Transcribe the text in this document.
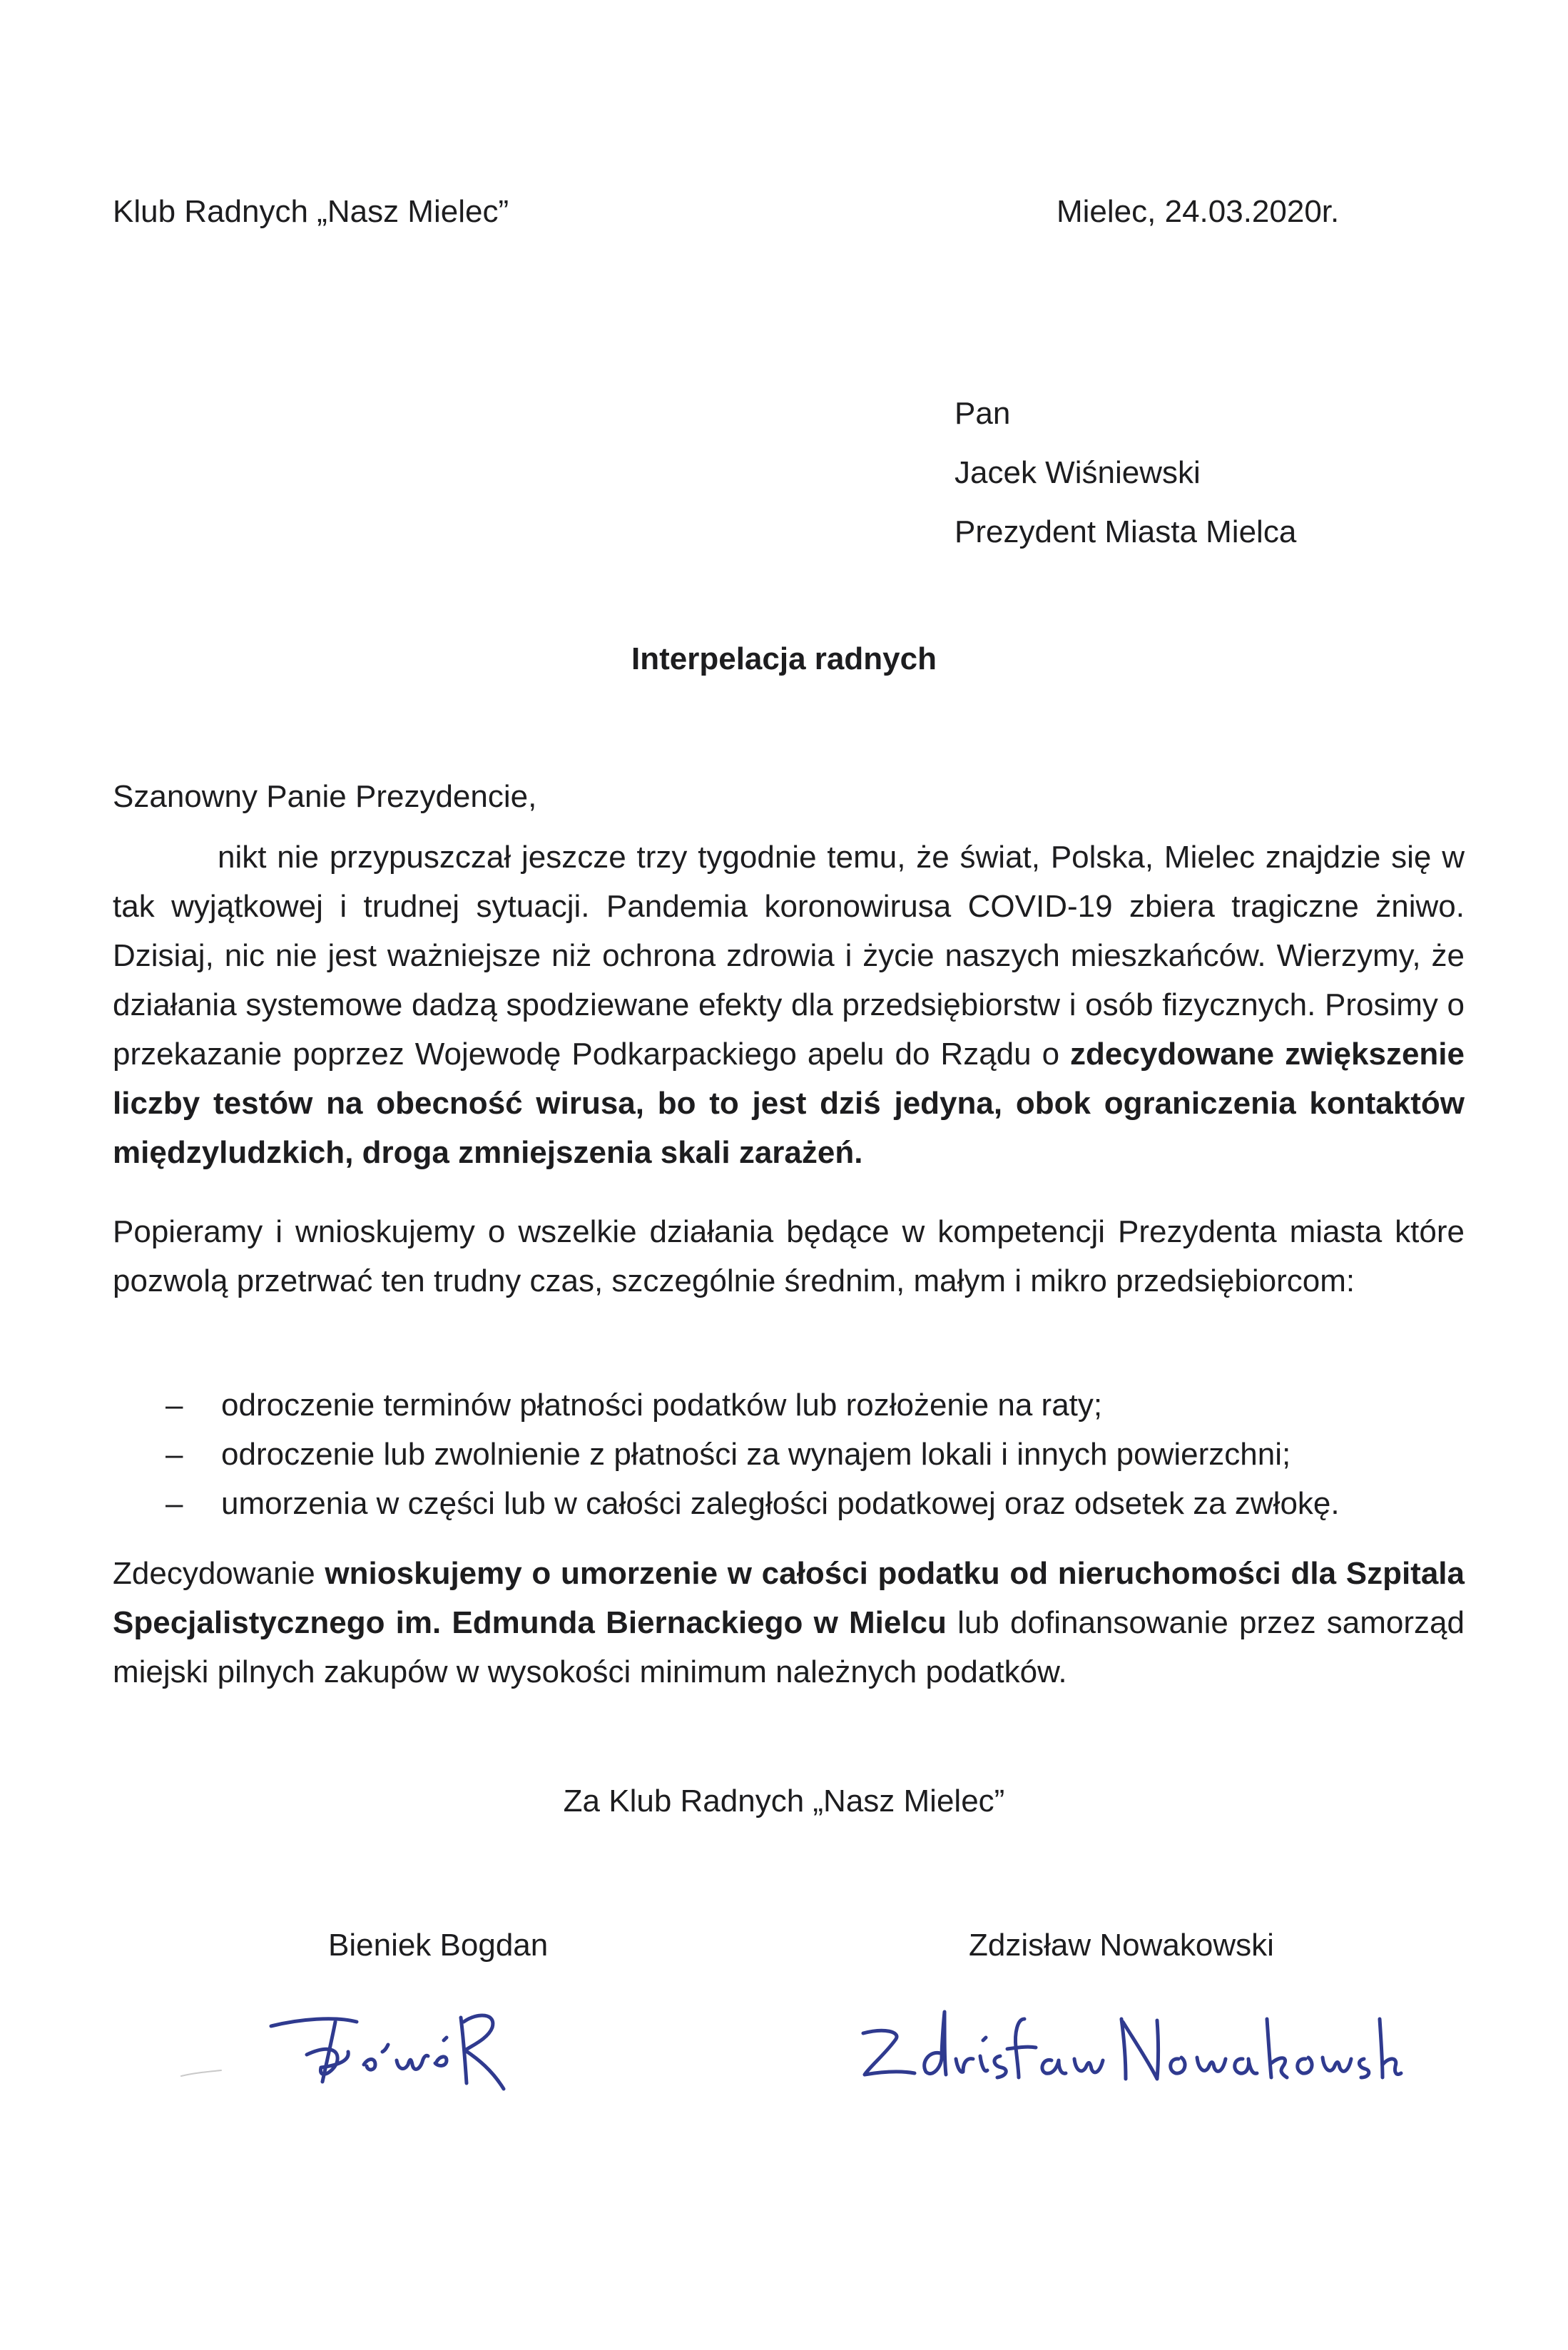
Klub Radnych „Nasz Mielec”	Mielec, 24.03.2020r.
Pan
Jacek Wiśniewski
Prezydent Miasta Mielca
Interpelacja radnych
Szanowny Panie Prezydencie,
nikt nie przypuszczał jeszcze trzy tygodnie temu, że świat, Polska, Mielec znajdzie się w tak wyjątkowej i trudnej sytuacji. Pandemia koronowirusa COVID-19 zbiera tragiczne żniwo. Dzisiaj, nic nie jest ważniejsze niż ochrona zdrowia i życie naszych mieszkańców. Wierzymy, że działania systemowe dadzą spodziewane efekty dla przedsiębiorstw i osób fizycznych. Prosimy o przekazanie poprzez Wojewodę Podkarpackiego apelu do Rządu o zdecydowane zwiększenie liczby testów na obecność wirusa, bo to jest dziś jedyna, obok ograniczenia kontaktów międzyludzkich, droga zmniejszenia skali zarażeń.
Popieramy i wnioskujemy o wszelkie działania będące w kompetencji Prezydenta miasta które pozwolą przetrwać ten trudny czas, szczególnie średnim, małym i mikro przedsiębiorcom:
– odroczenie terminów płatności podatków lub rozłożenie na raty;
– odroczenie lub zwolnienie z płatności za wynajem lokali i innych powierzchni;
– umorzenia w części lub w całości zaległości podatkowej oraz odsetek za zwłokę.
Zdecydowanie wnioskujemy o umorzenie w całości podatku od nieruchomości dla Szpitala Specjalistycznego im. Edmunda Biernackiego w Mielcu lub dofinansowanie przez samorząd miejski pilnych zakupów w wysokości minimum należnych podatków.
Za Klub Radnych „Nasz Mielec”
Bieniek Bogdan	Zdzisław Nowakowski
